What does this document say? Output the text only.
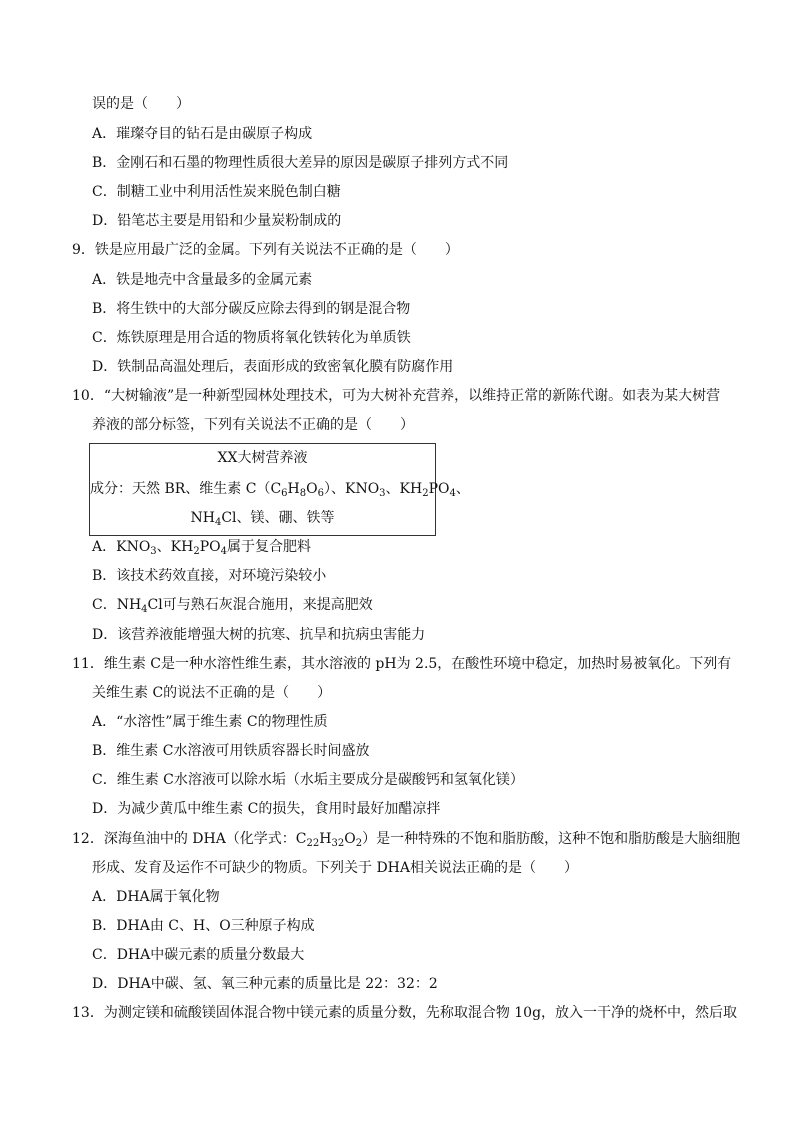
误的是（　　）
A．璀璨夺目的钻石是由碳原子构成
B．金刚石和石墨的物理性质很大差异的原因是碳原子排列方式不同
C．制糖工业中利用活性炭来脱色制白糖
D．铅笔芯主要是用铅和少量炭粉制成的
9．铁是应用最广泛的金属。下列有关说法不正确的是（　　）
A．铁是地壳中含量最多的金属元素
B．将生铁中的大部分碳反应除去得到的钢是混合物
C．炼铁原理是用合适的物质将氧化铁转化为单质铁
D．铁制品高温处理后，表面形成的致密氧化膜有防腐作用
10．“大树输液”是一种新型园林处理技术，可为大树补充营养，以维持正常的新陈代谢。如表为某大树营
养液的部分标签，下列有关说法不正确的是（　　）
XX大树营养液
成分：天然 BR、维生素 $C(C_6H_8O_6)$、$KNO_3$、$KH_2PO_4$、
$NH_4Cl$、镁、硼、铁等
A．$KNO_3$、$KH_2PO_4$属于复合肥料
B．该技术药效直接，对环境污染较小
C．$NH_4Cl$可与熟石灰混合施用，来提高肥效
D．该营养液能增强大树的抗寒、抗旱和抗病虫害能力
11．维生素 C是一种水溶性维生素，其水溶液的 pH为 2.5，在酸性环境中稳定，加热时易被氧化。下列有
关维生素 C的说法不正确的是（　　）
A．“水溶性”属于维生素 C的物理性质
B．维生素 C水溶液可用铁质容器长时间盛放
C．维生素 C水溶液可以除水垢（水垢主要成分是碳酸钙和氢氧化镁）
D．为减少黄瓜中维生素 C的损失，食用时最好加醋凉拌
12．深海鱼油中的 DHA（化学式：$C_{22}H_{32}O_2$）是一种特殊的不饱和脂肪酸，这种不饱和脂肪酸是大脑细胞
形成、发育及运作不可缺少的物质。下列关于 DHA相关说法正确的是（　　）
A．DHA属于氧化物
B．DHA由 C、H、O三种原子构成
C．DHA中碳元素的质量分数最大
D．DHA中碳、氢、氧三种元素的质量比是 22：32：2
13．为测定镁和硫酸镁固体混合物中镁元素的质量分数，先称取混合物 10g，放入一干净的烧杯中，然后取
